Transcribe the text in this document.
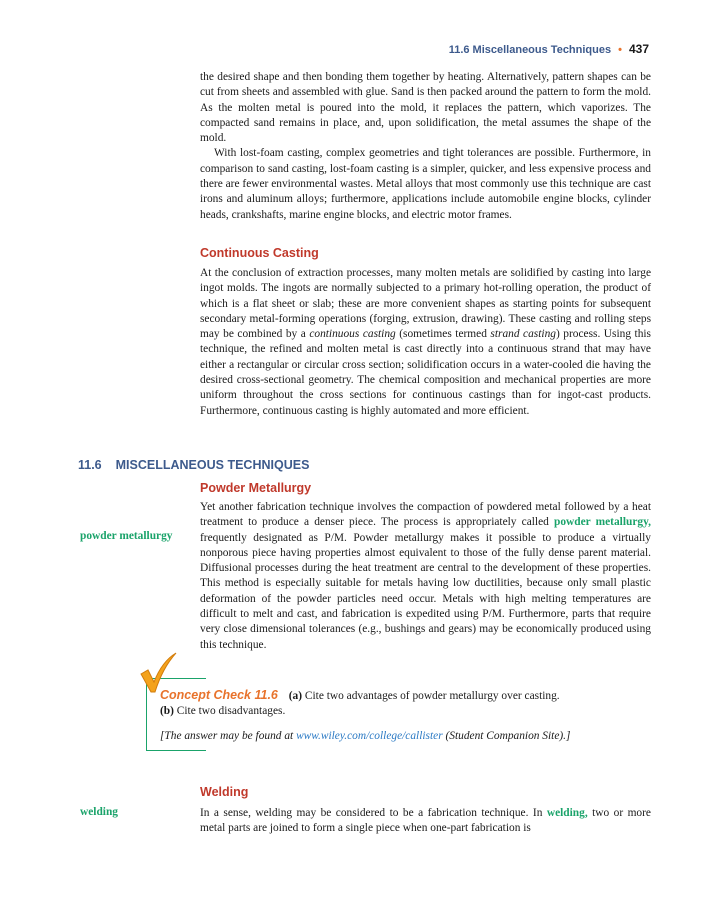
11.6 Miscellaneous Techniques • 437

the desired shape and then bonding them together by heating. Alternatively, pattern shapes can be cut from sheets and assembled with glue. Sand is then packed around the pattern to form the mold. As the molten metal is poured into the mold, it replaces the pattern, which vaporizes. The compacted sand remains in place, and, upon solidification, the metal assumes the shape of the mold.

With lost-foam casting, complex geometries and tight tolerances are possible. Furthermore, in comparison to sand casting, lost-foam casting is a simpler, quicker, and less expensive process and there are fewer environmental wastes. Metal alloys that most commonly use this technique are cast irons and aluminum alloys; furthermore, applications include automobile engine blocks, cylinder heads, crankshafts, marine engine blocks, and electric motor frames.

Continuous Casting

At the conclusion of extraction processes, many molten metals are solidified by casting into large ingot molds. The ingots are normally subjected to a primary hot-rolling operation, the product of which is a flat sheet or slab; these are more convenient shapes as starting points for subsequent secondary metal-forming operations (forging, extrusion, drawing). These casting and rolling steps may be combined by a continuous casting (sometimes termed strand casting) process. Using this technique, the refined and molten metal is cast directly into a continuous strand that may have either a rectangular or circular cross section; solidification occurs in a water-cooled die having the desired cross-sectional geometry. The chemical composition and mechanical properties are more uniform throughout the cross sections for continuous castings than for ingot-cast products. Furthermore, continuous casting is highly automated and more efficient.

11.6 MISCELLANEOUS TECHNIQUES
Powder Metallurgy
powder metallurgy

Yet another fabrication technique involves the compaction of powdered metal followed by a heat treatment to produce a denser piece. The process is appropriately called powder metallurgy, frequently designated as P/M. Powder metallurgy makes it possible to produce a virtually nonporous piece having properties almost equivalent to those of the fully dense parent material. Diffusional processes during the heat treatment are central to the development of these properties. This method is especially suitable for metals having low ductilities, because only small plastic deformation of the powder particles need occur. Metals with high melting temperatures are difficult to melt and cast, and fabrication is expedited using P/M. Furthermore, parts that require very close dimensional tolerances (e.g., bushings and gears) may be economically produced using this technique.

Concept Check 11.6 (a) Cite two advantages of powder metallurgy over casting.
(b) Cite two disadvantages.
[The answer may be found at www.wiley.com/college/callister (Student Companion Site).]
Welding
welding	In a sense, welding may be considered to be a fabrication technique. In welding, two or more metal parts are joined to form a single piece when one-part fabrication is
